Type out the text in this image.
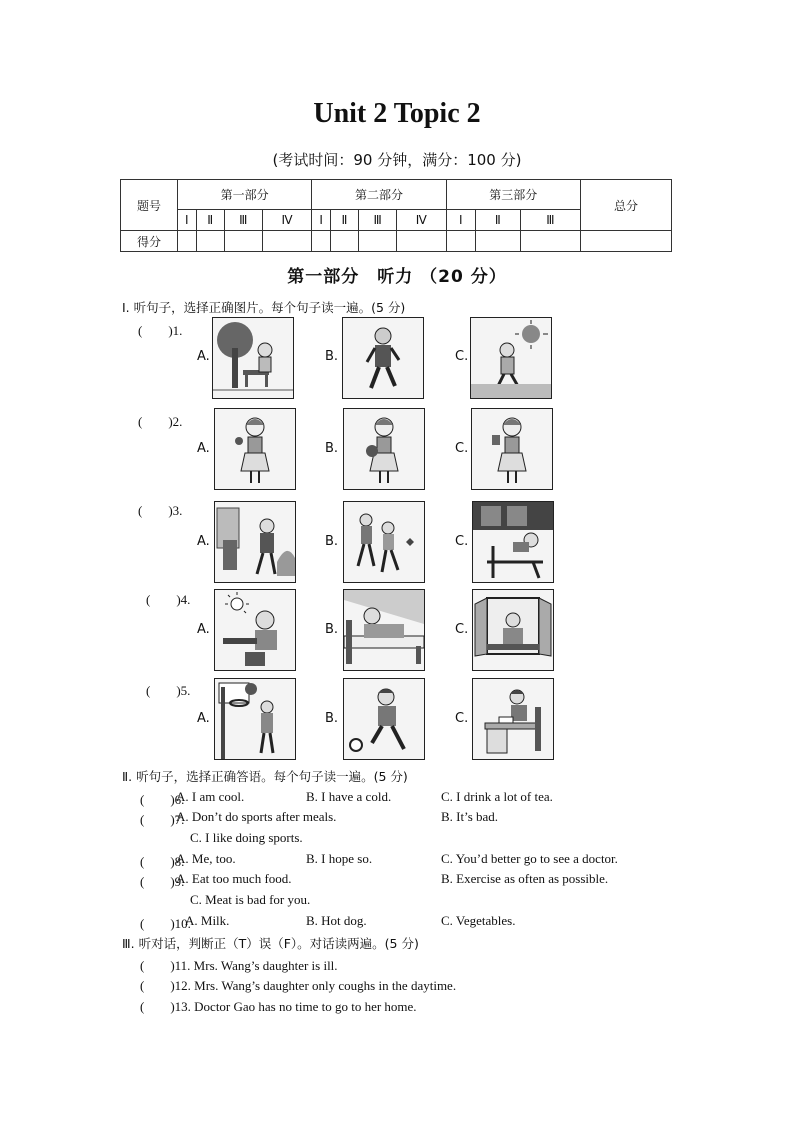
Unit 2 Topic 2
(考试时间：90 分钟，满分：100 分)
题号	第一部分				第二部分				第三部分			总分
	Ⅰ	Ⅱ	Ⅲ	Ⅳ	Ⅰ	Ⅱ	Ⅲ	Ⅳ	Ⅰ	Ⅱ	Ⅲ	
得分												
第一部分　听力 （20 分）
Ⅰ. 听句子，选择正确图片。每个句子读一遍。(5 分)
(　　)1.
A.	B.	C.
(　　)2.
A.	B.	C.
(　　)3.
A.	B.	C.
(　　)4.
A.	B.	C.
(　　)5.
A.	B.	C.
Ⅱ. 听句子，选择正确答语。每个句子读一遍。(5 分)
(　　)6.
A. I am cool.	B. I have a cold.	C. I drink a lot of tea.
(　　)7.
A. Don’t do sports after meals.	B. It’s bad.
C. I like doing sports.
(　　)8.
A. Me, too.	B. I hope so.	C. You’d better go to see a doctor.
(　　)9.
A. Eat too much food.	B. Exercise as often as possible.
C. Meat is bad for you.
(　　)10.
A. Milk.	B. Hot dog.	C. Vegetables.
Ⅲ. 听对话，判断正（T）误（F）。对话读两遍。(5 分)
(　　)11. Mrs. Wang’s daughter is ill.
(　　)12. Mrs. Wang’s daughter only coughs in the daytime.
(　　)13. Doctor Gao has no time to go to her home.
